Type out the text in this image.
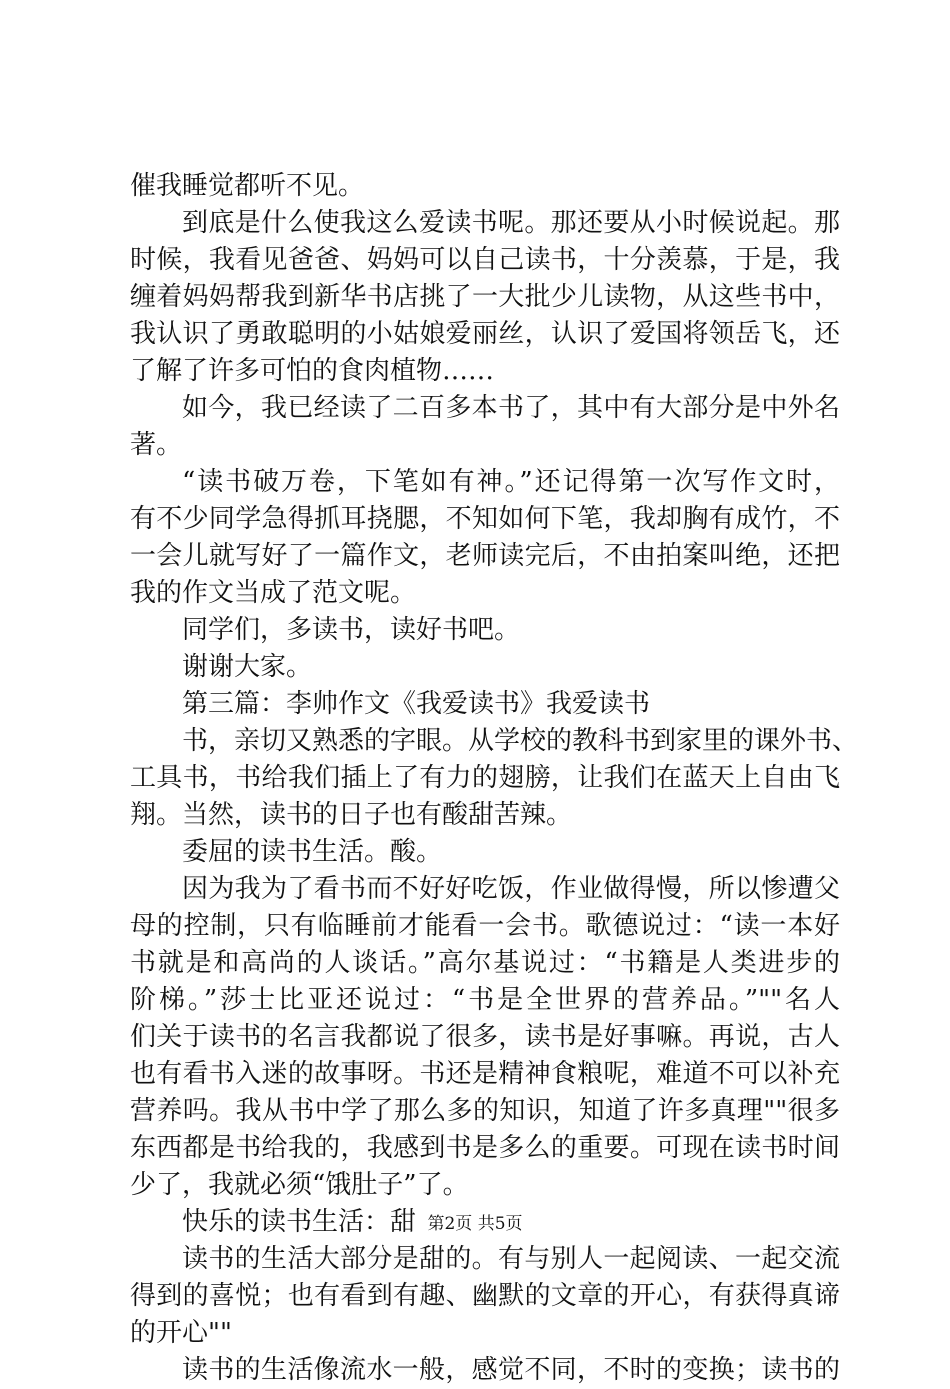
催我睡觉都听不见。
到底是什么使我这么爱读书呢。那还要从小时候说起。那
时候，我看见爸爸、妈妈可以自己读书，十分羡慕，于是，我
缠着妈妈帮我到新华书店挑了一大批少儿读物，从这些书中，
我认识了勇敢聪明的小姑娘爱丽丝，认识了爱国将领岳飞，还
了解了许多可怕的食肉植物……
如今，我已经读了二百多本书了，其中有大部分是中外名
著。
“读书破万卷，下笔如有神。”还记得第一次写作文时，
有不少同学急得抓耳挠腮，不知如何下笔，我却胸有成竹，不
一会儿就写好了一篇作文，老师读完后，不由拍案叫绝，还把
我的作文当成了范文呢。
同学们，多读书，读好书吧。
谢谢大家。
第三篇：李帅作文《我爱读书》我爱读书
书，亲切又熟悉的字眼。从学校的教科书到家里的课外书、
工具书，书给我们插上了有力的翅膀，让我们在蓝天上自由飞
翔。当然，读书的日子也有酸甜苦辣。
委屈的读书生活。酸。
因为我为了看书而不好好吃饭，作业做得慢，所以惨遭父
母的控制，只有临睡前才能看一会书。歌德说过：“读一本好
书就是和高尚的人谈话。”高尔基说过：“书籍是人类进步的
阶梯。”莎士比亚还说过：“书是全世界的营养品。”""名人
们关于读书的名言我都说了很多，读书是好事嘛。再说，古人
也有看书入迷的故事呀。书还是精神食粮呢，难道不可以补充
营养吗。我从书中学了那么多的知识，知道了许多真理""很多
东西都是书给我的，我感到书是多么的重要。可现在读书时间
少了，我就必须“饿肚子”了。
快乐的读书生活：甜
读书的生活大部分是甜的。有与别人一起阅读、一起交流
得到的喜悦；也有看到有趣、幽默的文章的开心，有获得真谛
的开心""
读书的生活像流水一般，感觉不同，不时的变换；读书的
第2页 共5页
